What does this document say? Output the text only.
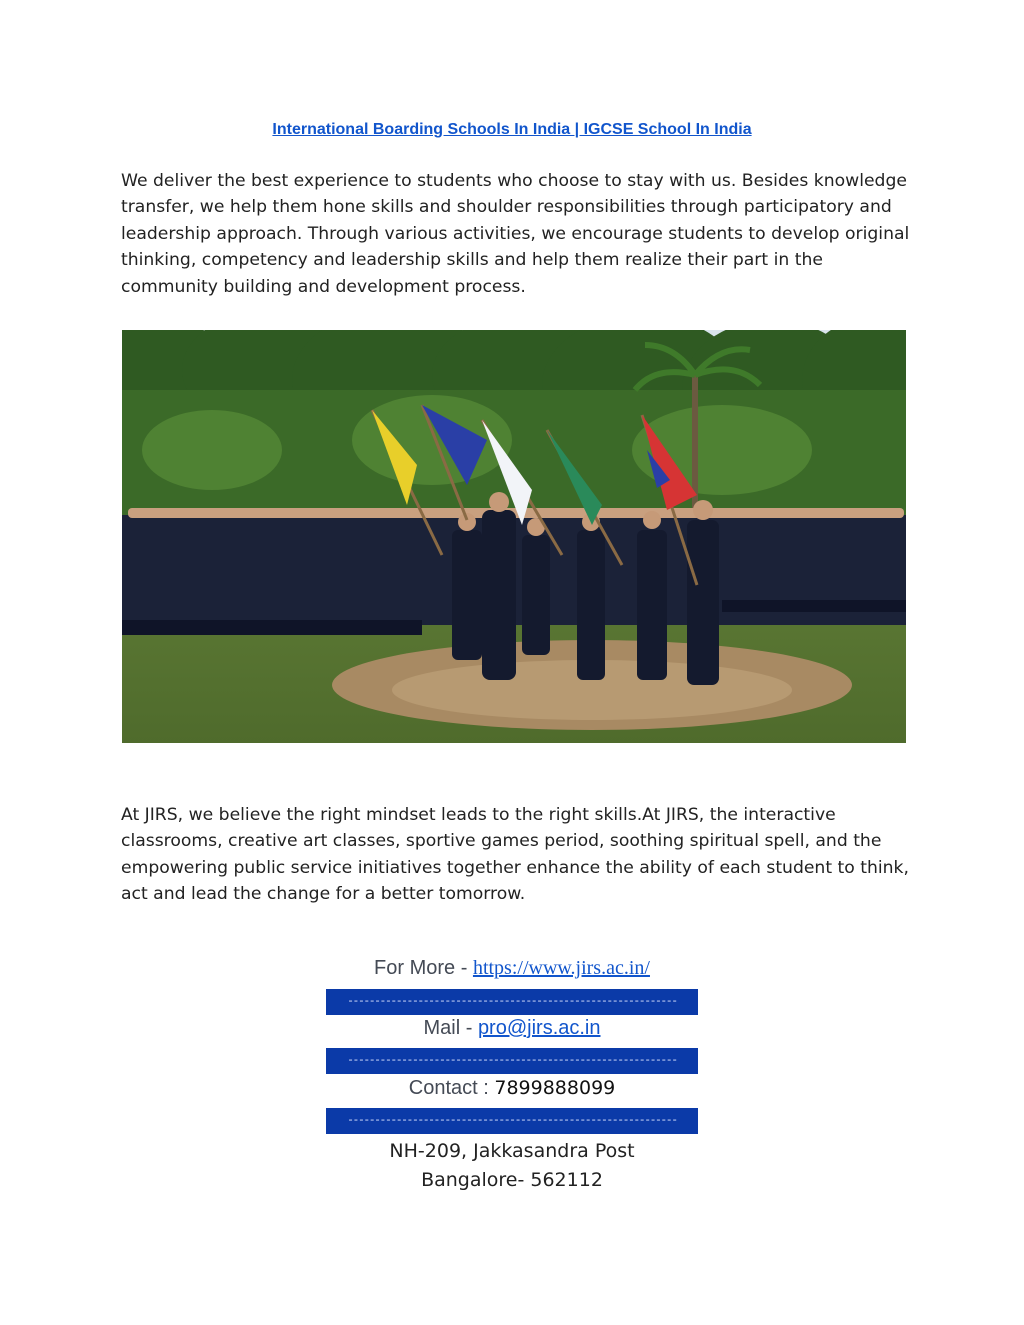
International Boarding Schools In India | IGCSE School In India

We deliver the best experience to students who choose to stay with us. Besides knowledge transfer, we help them hone skills and shoulder responsibilities through participatory and leadership approach. Through various activities, we encourage students to develop original thinking, competency and leadership skills and help them realize their part in the community building and development process.

At JIRS, we believe the right mindset leads to the right skills.At JIRS, the interactive classrooms, creative art classes, sportive games period, soothing spiritual spell, and the empowering public service initiatives together enhance the ability of each student to think, act and lead the change for a better tomorrow.

For More - https://www.jirs.ac.in/
-------------------------------------------------------------
Mail - pro@jirs.ac.in
-------------------------------------------------------------
Contact : 7899888099
-------------------------------------------------------------
NH-209, Jakkasandra Post
Bangalore- 562112
